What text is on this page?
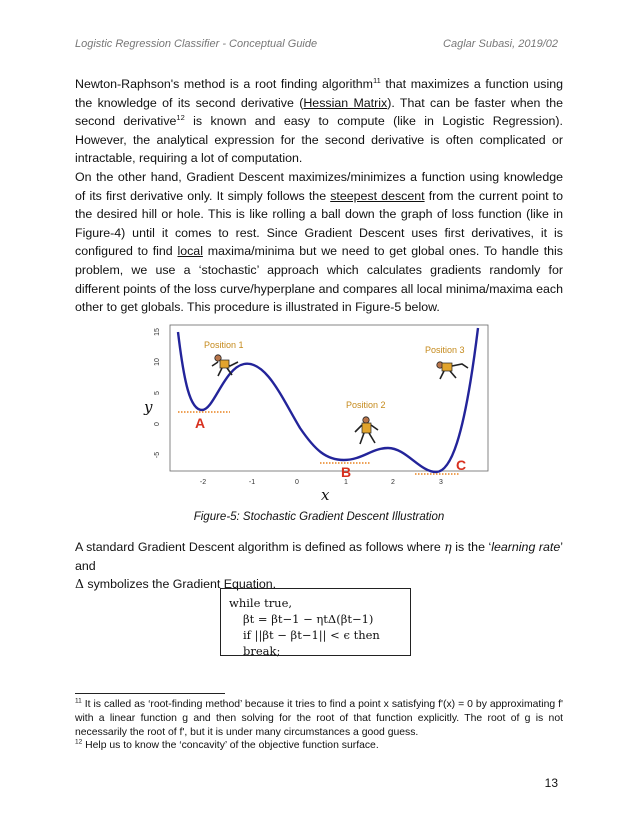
Logistic Regression Classifier - Conceptual Guide	Caglar Subasi, 2019/02

Newton-Raphson's method is a root finding algorithm$^{11}$ that maximizes a function using the knowledge of its second derivative (Hessian Matrix). That can be faster when the second derivative$^{12}$ is known and easy to compute (like in Logistic Regression). However, the analytical expression for the second derivative is often complicated or intractable, requiring a lot of computation.

On the other hand, Gradient Descent maximizes/minimizes a function using knowledge of its first derivative only. It simply follows the steepest descent from the current point to the desired hill or hole. This is like rolling a ball down the graph of loss function (like in Figure-4) until it comes to rest. Since Gradient Descent uses first derivatives, it is configured to find local maxima/minima but we need to get global ones. To handle this problem, we use a ‘stochastic’ approach which calculates gradients randomly for different points of the loss curve/hyperplane and compares all local minima/maxima each other to get globals. This procedure is illustrated in Figure-5 below.

-5
0
5
10
15
-2	-1	0	1	2	3
y
x
Position 1
Position 2
Position 3
A
B	C
Figure-5: Stochastic Gradient Descent Illustration

A standard Gradient Descent algorithm is defined as follows where η is the ‘learning rate’ and
Δ symbolizes the Gradient Equation.

while true,
βt = βt−1 − ηtΔ(βt−1)
if ||βt − βt−1|| < ϵ then break;

$^{11}$ It is called as ‘root-finding method’ because it tries to find a point x satisfying f'(x) = 0 by approximating f' with a linear function g and then solving for the root of that function explicitly. The root of g is not necessarily the root of f', but it is under many circumstances a good guess.

$^{12}$ Help us to know the ‘concavity’ of the objective function surface.

13
